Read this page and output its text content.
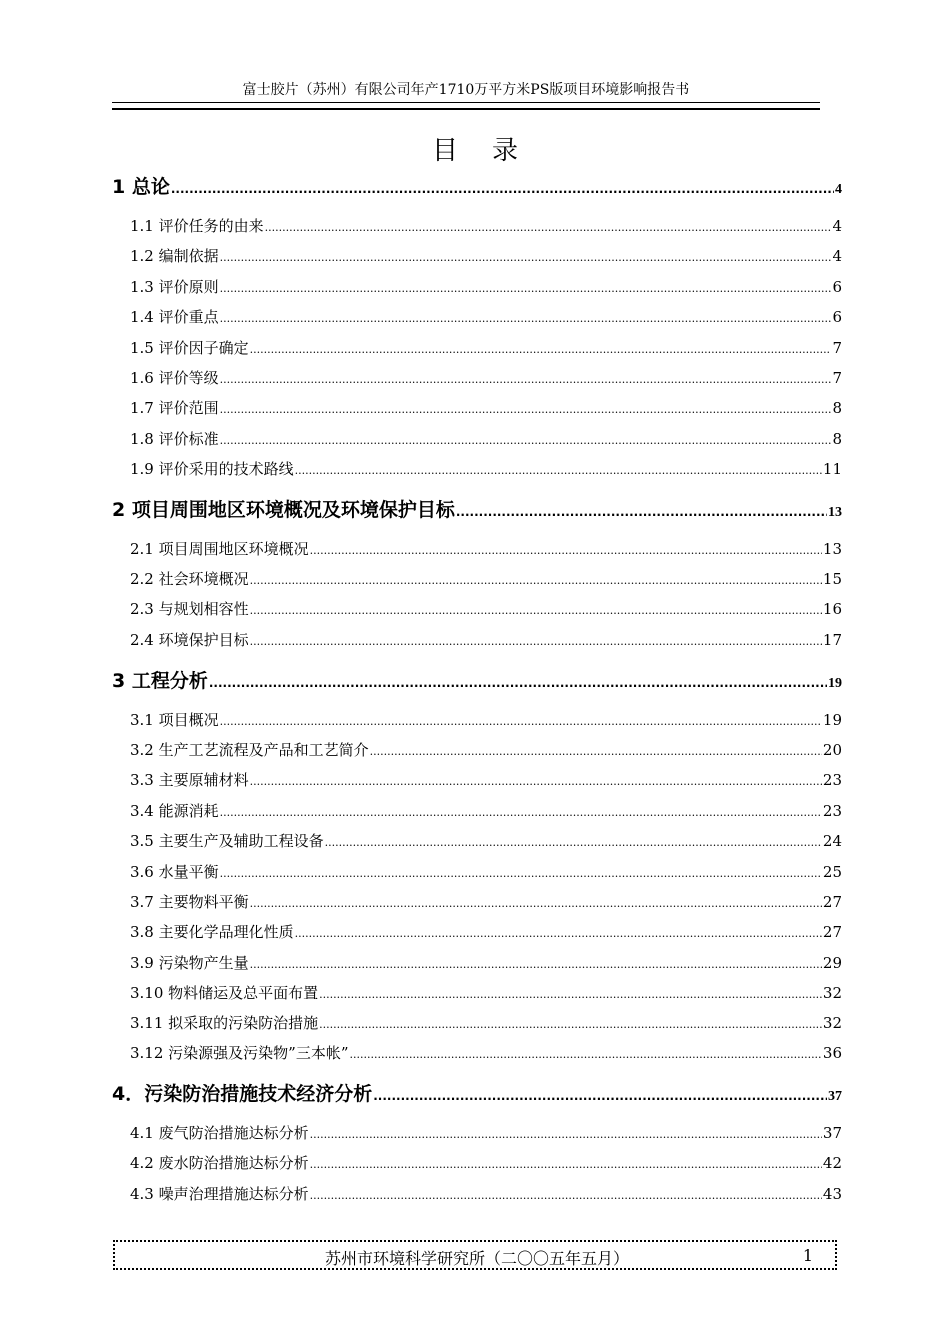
富士胶片（苏州）有限公司年产1710万平方米PS版项目环境影响报告书
目录
1 总论 .....	4
1.1 评价任务的由来 .....	4
1.2 编制依据 .....	4
1.3 评价原则 .....	6
1.4 评价重点 .....	6
1.5 评价因子确定 .....	7
1.6 评价等级 .....	7
1.7 评价范围 .....	8
1.8 评价标准 .....	8
1.9 评价采用的技术路线 .....	11
2 项目周围地区环境概况及环境保护目标 .....	13
2.1 项目周围地区环境概况 .....	13
2.2 社会环境概况 .....	15
2.3 与规划相容性 .....	16
2.4 环境保护目标 .....	17
3 工程分析 .....	19
3.1 项目概况 .....	19
3.2 生产工艺流程及产品和工艺简介 .....	20
3.3 主要原辅材料 .....	23
3.4 能源消耗 .....	23
3.5 主要生产及辅助工程设备 .....	24
3.6 水量平衡 .....	25
3.7 主要物料平衡 .....	27
3.8 主要化学品理化性质 .....	27
3.9 污染物产生量 .....	29
3.10 物料储运及总平面布置 .....	32
3.11 拟采取的污染防治措施 .....	32
3.12 污染源强及污染物”三本帐” .....	36
4．污染防治措施技术经济分析 .....	37
4.1 废气防治措施达标分析 .....	37
4.2 废水防治措施达标分析 .....	42
4.3 噪声治理措施达标分析 .....	43
苏州市环境科学研究所（二〇〇五年五月）	1
